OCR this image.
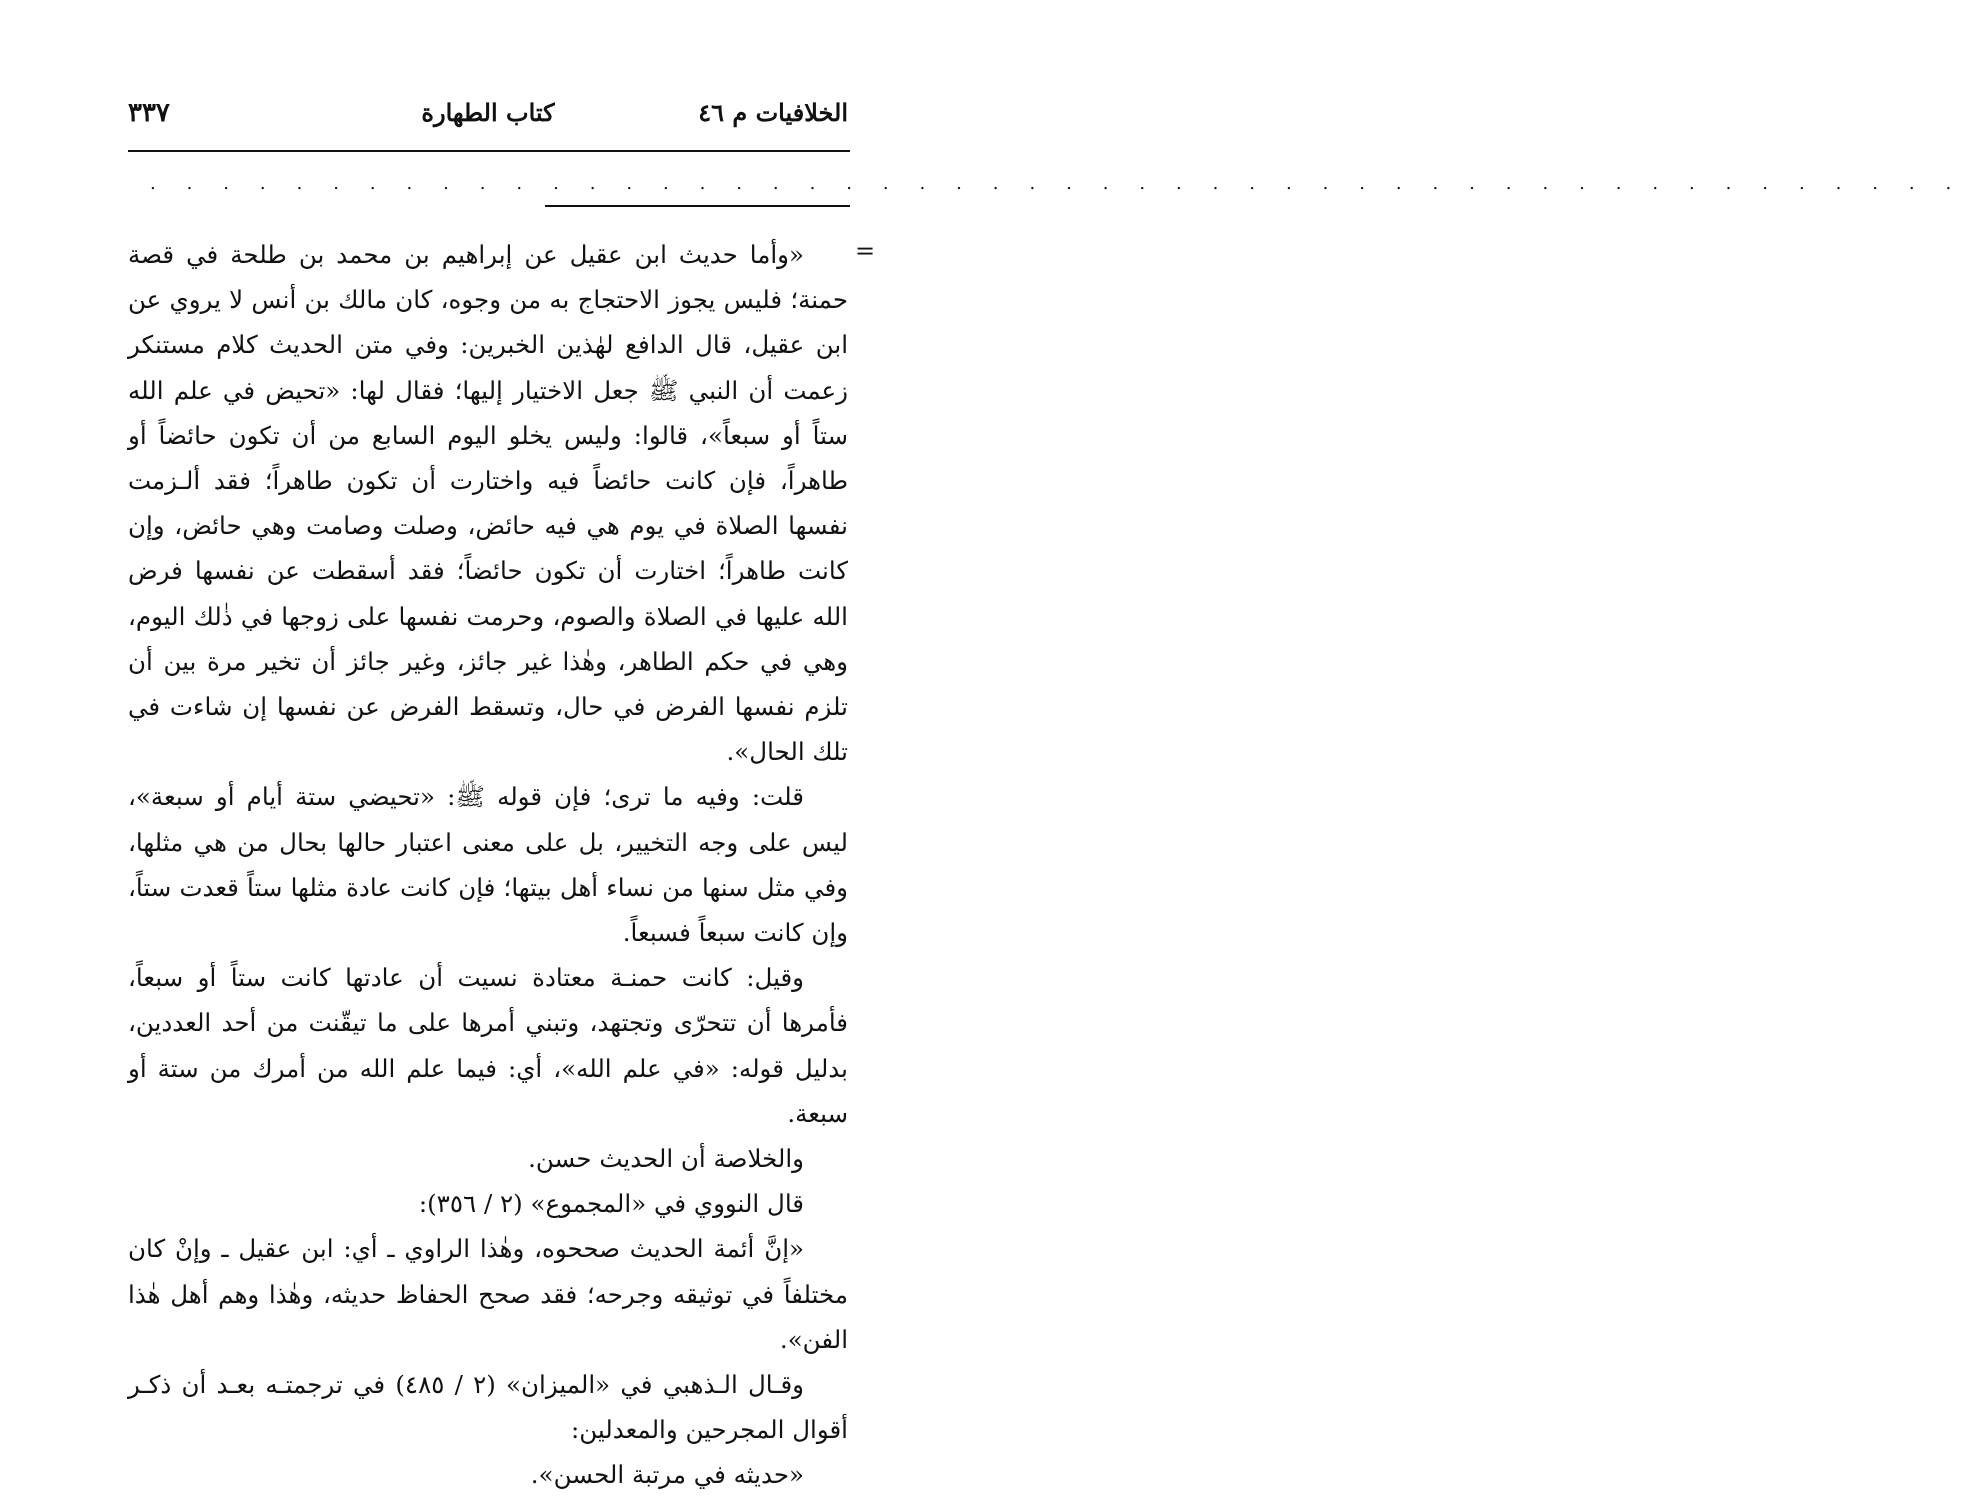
الخلافيات م ٤٦
كتاب الطهارة
٣٣٧
. . . . . . . . . . . . . . . . . . . . . . . . . . . . . . . . . . . . . . . . . . . . . . . . . .
=

«وأما حديث ابن عقيل عن إبراهيم بن محمد بن طلحة في قصة حمنة؛ فليس يجوز الاحتجاج به من وجوه، كان مالك بن أنس لا يروي عن ابن عقيل، قال الدافع لهٰذين الخبرين: وفي متن الحديث كلام مستنكر زعمت أن النبي ﷺ جعل الاختيار إليها؛ فقال لها: «تحيض في علم الله ستاً أو سبعاً»، قالوا: وليس يخلو اليوم السابع من أن تكون حائضاً أو طاهراً، فإن كانت حائضاً فيه واختارت أن تكون طاهراً؛ فقد ألـزمت نفسها الصلاة في يوم هي فيه حائض، وصلت وصامت وهي حائض، وإن كانت طاهراً؛ اختارت أن تكون حائضاً؛ فقد أسقطت عن نفسها فرض الله عليها في الصلاة والصوم، وحرمت نفسها على زوجها في ذٰلك اليوم، وهي في حكم الطاهر، وهٰذا غير جائز، وغير جائز أن تخير مرة بين أن تلزم نفسها الفرض في حال، وتسقط الفرض عن نفسها إن شاءت في تلك الحال».

قلت: وفيه ما ترى؛ فإن قوله ﷺ: «تحيضي ستة أيام أو سبعة»، ليس على وجه التخيير، بل على معنى اعتبار حالها بحال من هي مثلها، وفي مثل سنها من نساء أهل بيتها؛ فإن كانت عادة مثلها ستاً قعدت ستاً، وإن كانت سبعاً فسبعاً.

وقيل: كانت حمنـة معتادة نسيت أن عادتها كانت ستاً أو سبعاً، فأمرها أن تتحرّى وتجتهد، وتبني أمرها على ما تيقّنت من أحد العددين، بدليل قوله: «في علم الله»، أي: فيما علم الله من أمرك من ستة أو سبعة.

والخلاصة أن الحديث حسن.

قال النووي في «المجموع» (٢ / ٣٥٦):

«إنَّ أئمة الحديث صححوه، وهٰذا الراوي ـ أي: ابن عقيل ـ وإنْ كان مختلفاً في توثيقه وجرحه؛ فقد صحح الحفاظ حديثه، وهٰذا وهم أهل هٰذا الفن».

وقـال الـذهبي في «الميزان» (٢ / ٤٨٥) في ترجمتـه بعـد أن ذكـر أقوال المجرحين والمعدلين:

«حديثه في مرتبة الحسن».
